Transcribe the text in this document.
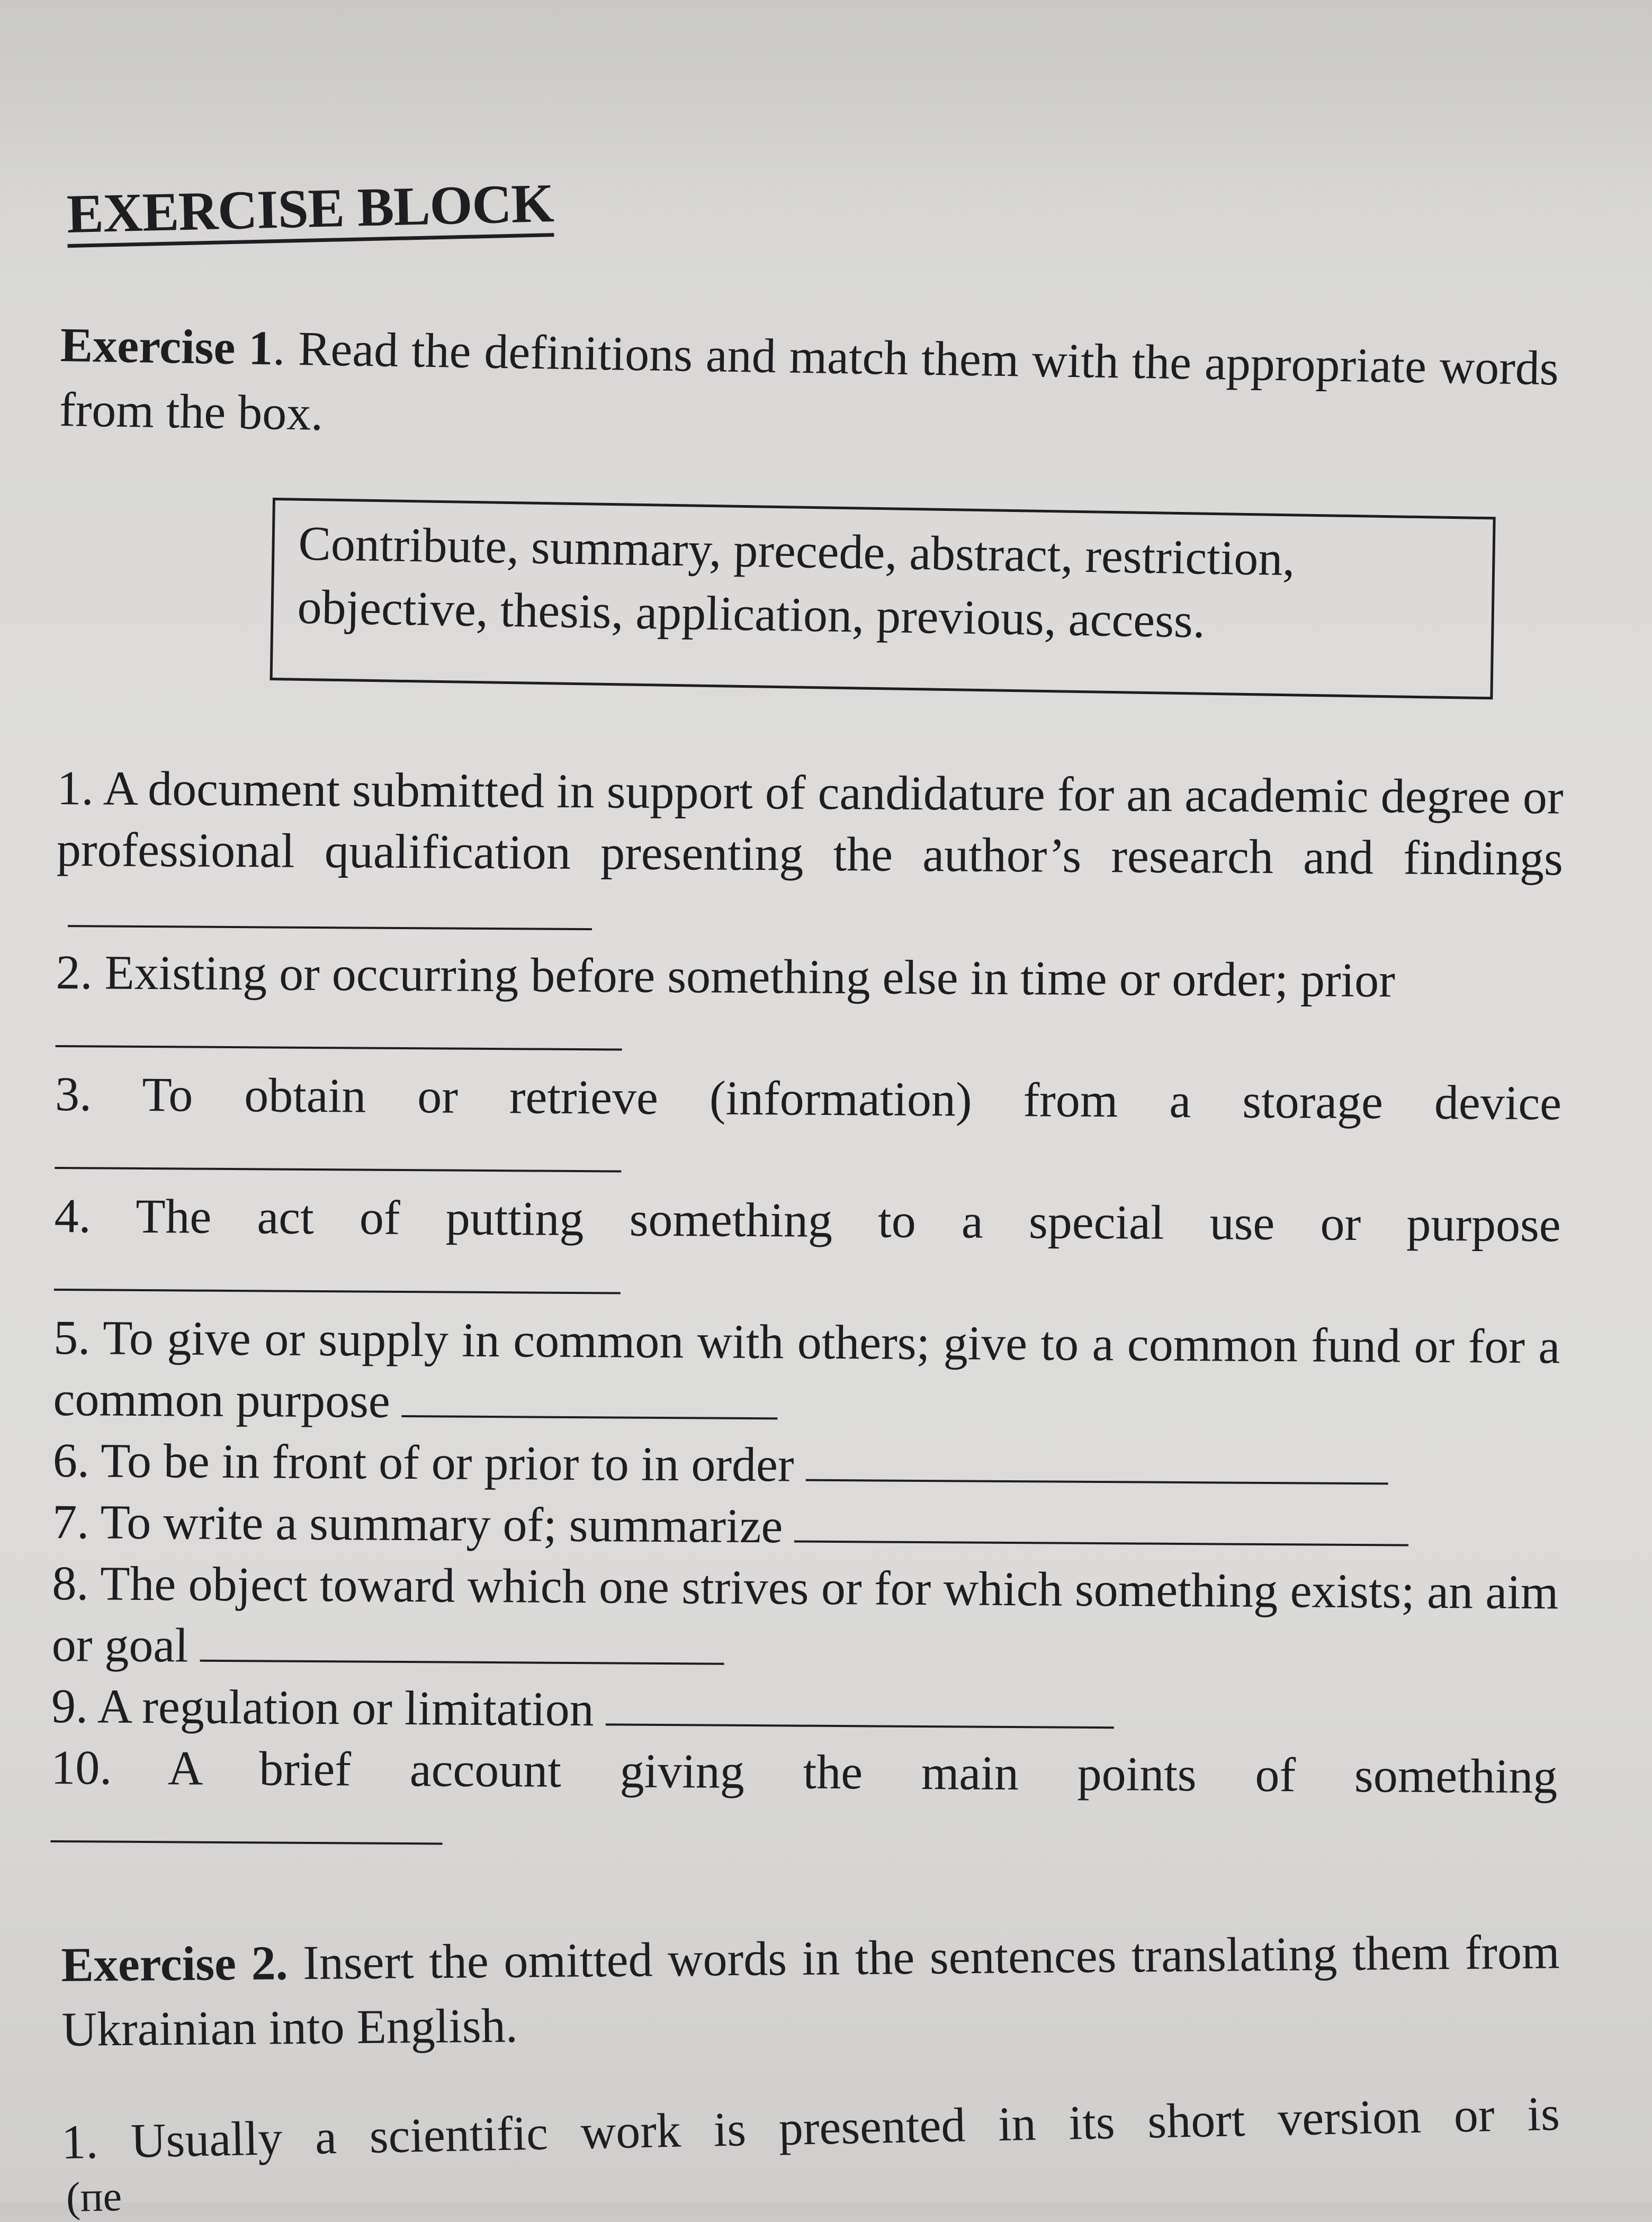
EXERCISE BLOCK
Exercise 1. Read the definitions and match them with the appropriate words from the box.
Contribute, summary, precede, abstract, restriction, objective, thesis, application, previous, access.
1. A document submitted in support of candidature for an academic degree or professional qualification presenting the author’s research and findings
2. Existing or occurring before something else in time or order; prior
3. To obtain or retrieve (information) from a storage device
4. The act of putting something to a special use or purpose
5. To give or supply in common with others; give to a common fund or for a common purpose
6. To be in front of or prior to in order
7. To write a summary of; summarize
8. The object toward which one strives or for which something exists; an aim or goal
9. A regulation or limitation
10. A brief account giving the main points of something
Exercise 2. Insert the omitted words in the sentences translating them from Ukrainian into English.
1. Usually a scientific work is presented in its short version or is
(пе
